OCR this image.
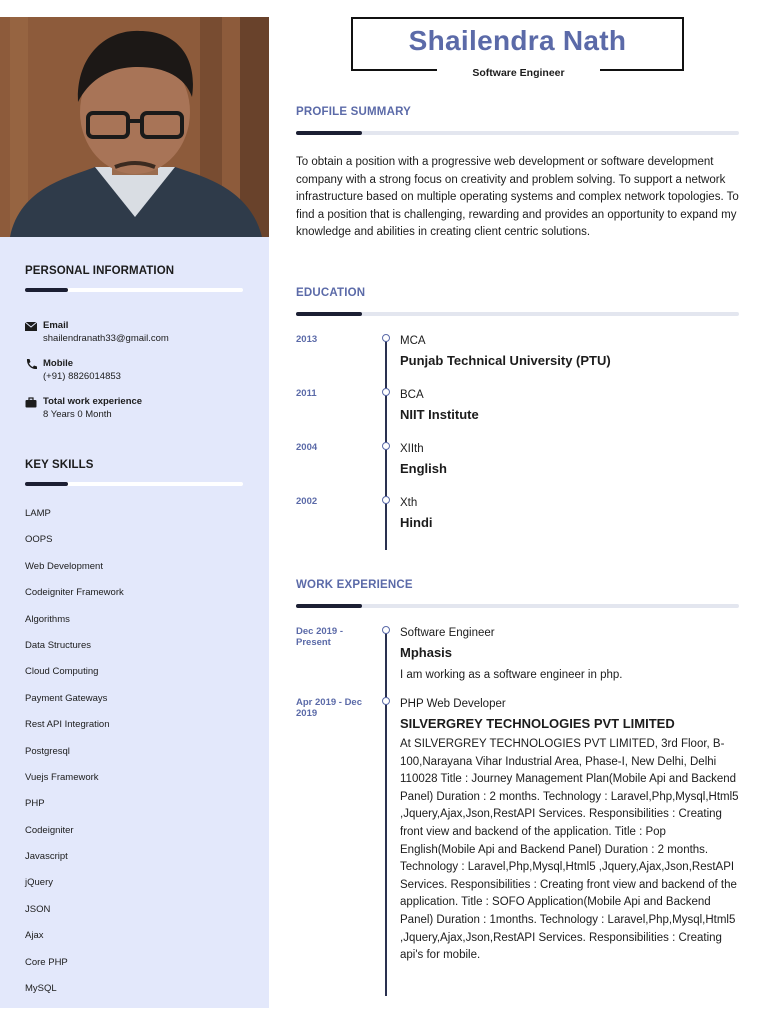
PERSONAL INFORMATION
Email
shailendranath33@gmail.com
Mobile
(+91) 8826014853
Total work experience
8 Years 0 Month
KEY SKILLS
LAMP
OOPS
Web Development
Codeigniter Framework
Algorithms
Data Structures
Cloud Computing
Payment Gateways
Rest API Integration
Postgresql
Vuejs Framework
PHP
Codeigniter
Javascript
jQuery
JSON
Ajax
Core PHP
MySQL
Shailendra Nath
Software Engineer
PROFILE SUMMARY

To obtain a position with a progressive web development or software development company with a strong focus on creativity and problem solving. To support a network infrastructure based on multiple operating systems and complex network topologies. To find a position that is challenging, rewarding and provides an opportunity to expand my knowledge and abilities in creating client centric solutions.

EDUCATION
2013	MCA
Punjab Technical University (PTU)
2011	BCA
NIIT Institute
2004	XIIth
English
2002	Xth
Hindi
WORK EXPERIENCE
Dec 2019 - Present
Software Engineer
Mphasis
I am working as a software engineer in php.
Apr 2019 - Dec 2019
PHP Web Developer
SILVERGREY TECHNOLOGIES PVT LIMITED
At SILVERGREY TECHNOLOGIES PVT LIMITED, 3rd Floor, B-100,Narayana Vihar Industrial Area, Phase-I, New Delhi, Delhi 110028 Title : Journey Management Plan(Mobile Api and Backend Panel) Duration : 2 months. Technology : Laravel,Php,Mysql,Html5 ,Jquery,Ajax,Json,RestAPI Services. Responsibilities : Creating front view and backend of the application. Title : Pop English(Mobile Api and Backend Panel) Duration : 2 months. Technology : Laravel,Php,Mysql,Html5 ,Jquery,Ajax,Json,RestAPI Services. Responsibilities : Creating front view and backend of the application. Title : SOFO Application(Mobile Api and Backend Panel) Duration : 1months. Technology : Laravel,Php,Mysql,Html5 ,Jquery,Ajax,Json,RestAPI Services. Responsibilities : Creating api's for mobile.
